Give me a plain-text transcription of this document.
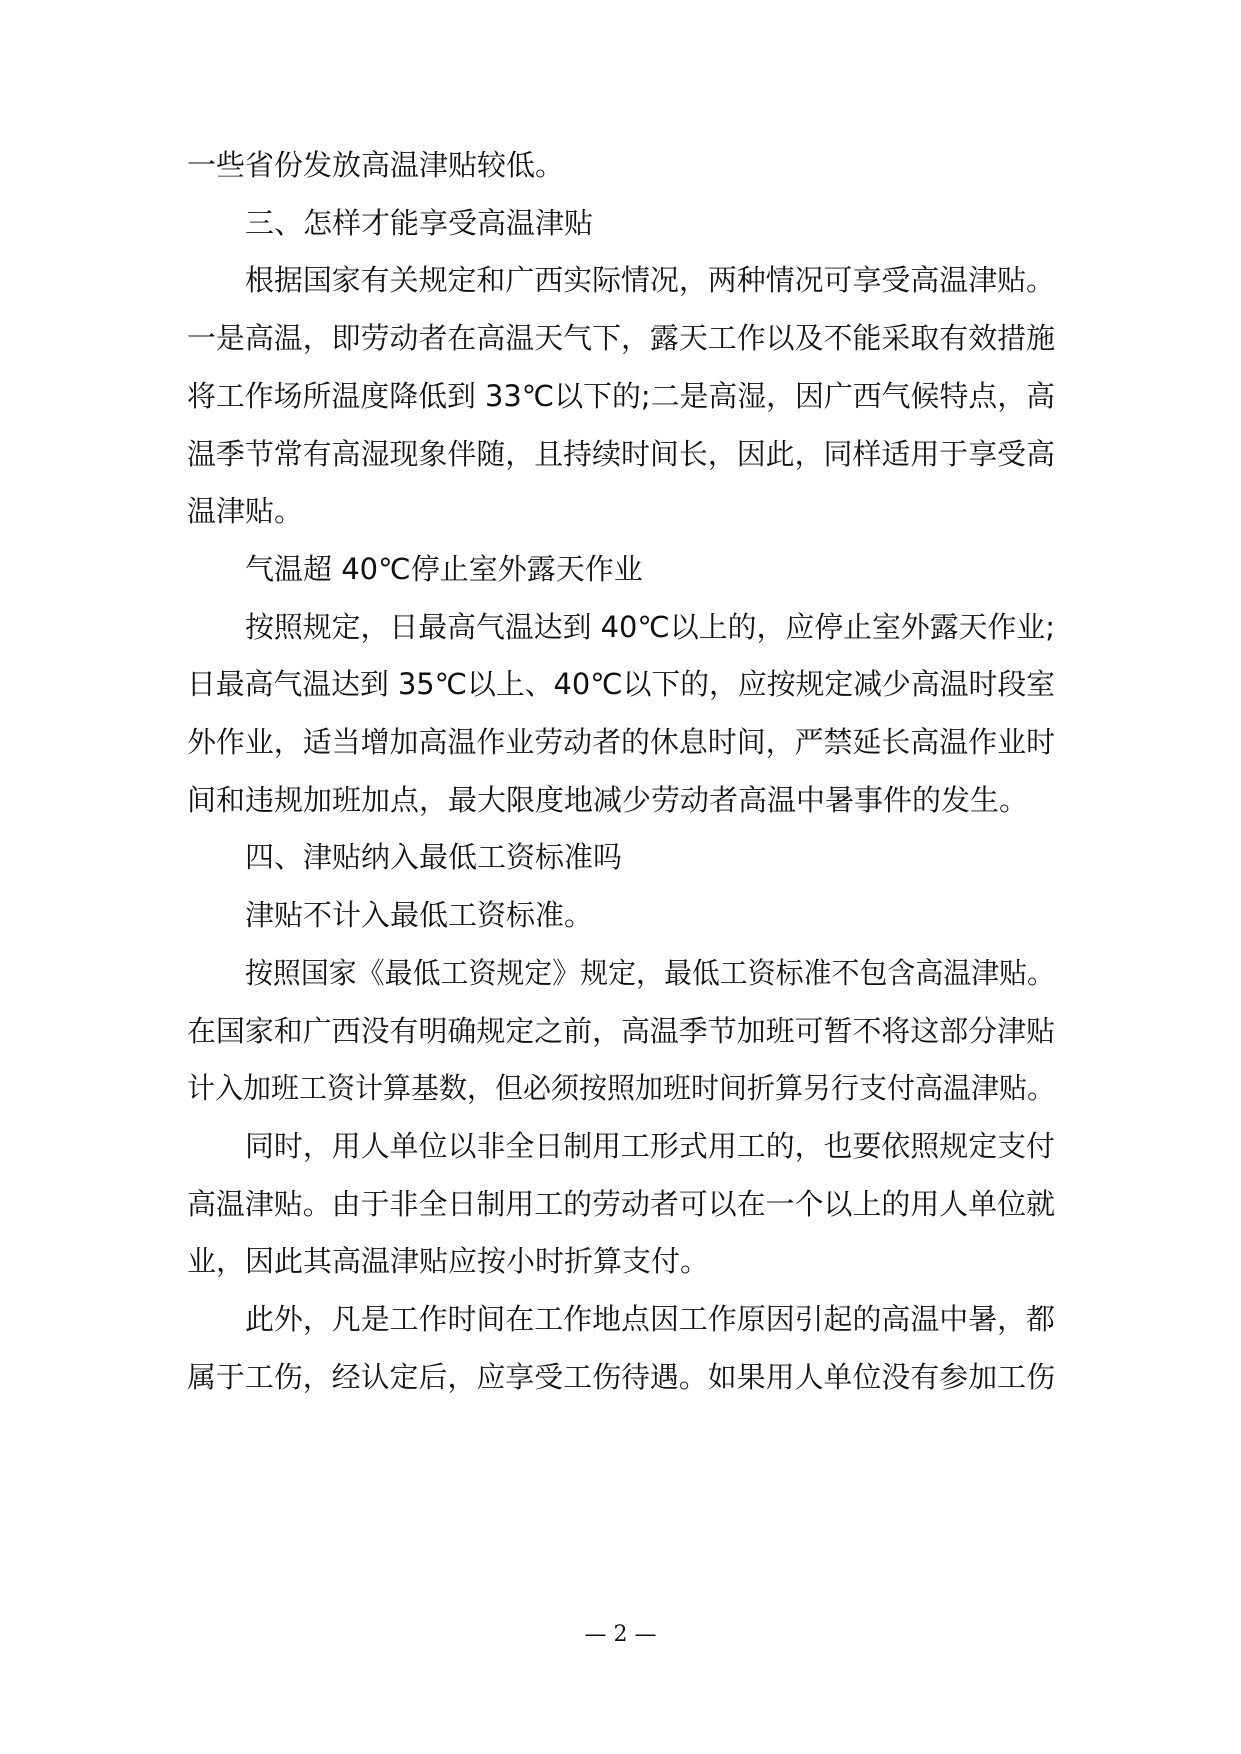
一些省份发放高温津贴较低。
三、怎样才能享受高温津贴
根据国家有关规定和广西实际情况，两种情况可享受高温津贴。
一是高温，即劳动者在高温天气下，露天工作以及不能采取有效措施
将工作场所温度降低到 33℃以下的;二是高湿，因广西气候特点，高
温季节常有高湿现象伴随，且持续时间长，因此，同样适用于享受高
温津贴。
气温超 40℃停止室外露天作业
按照规定，日最高气温达到 40℃以上的，应停止室外露天作业;
日最高气温达到 35℃以上、40℃以下的，应按规定减少高温时段室
外作业，适当增加高温作业劳动者的休息时间，严禁延长高温作业时
间和违规加班加点，最大限度地减少劳动者高温中暑事件的发生。
四、津贴纳入最低工资标准吗
津贴不计入最低工资标准。
按照国家《最低工资规定》规定，最低工资标准不包含高温津贴。
在国家和广西没有明确规定之前，高温季节加班可暂不将这部分津贴
计入加班工资计算基数，但必须按照加班时间折算另行支付高温津贴。
同时，用人单位以非全日制用工形式用工的，也要依照规定支付
高温津贴。由于非全日制用工的劳动者可以在一个以上的用人单位就
业，因此其高温津贴应按小时折算支付。
此外，凡是工作时间在工作地点因工作原因引起的高温中暑，都
属于工伤，经认定后，应享受工伤待遇。如果用人单位没有参加工伤
— 2 —
